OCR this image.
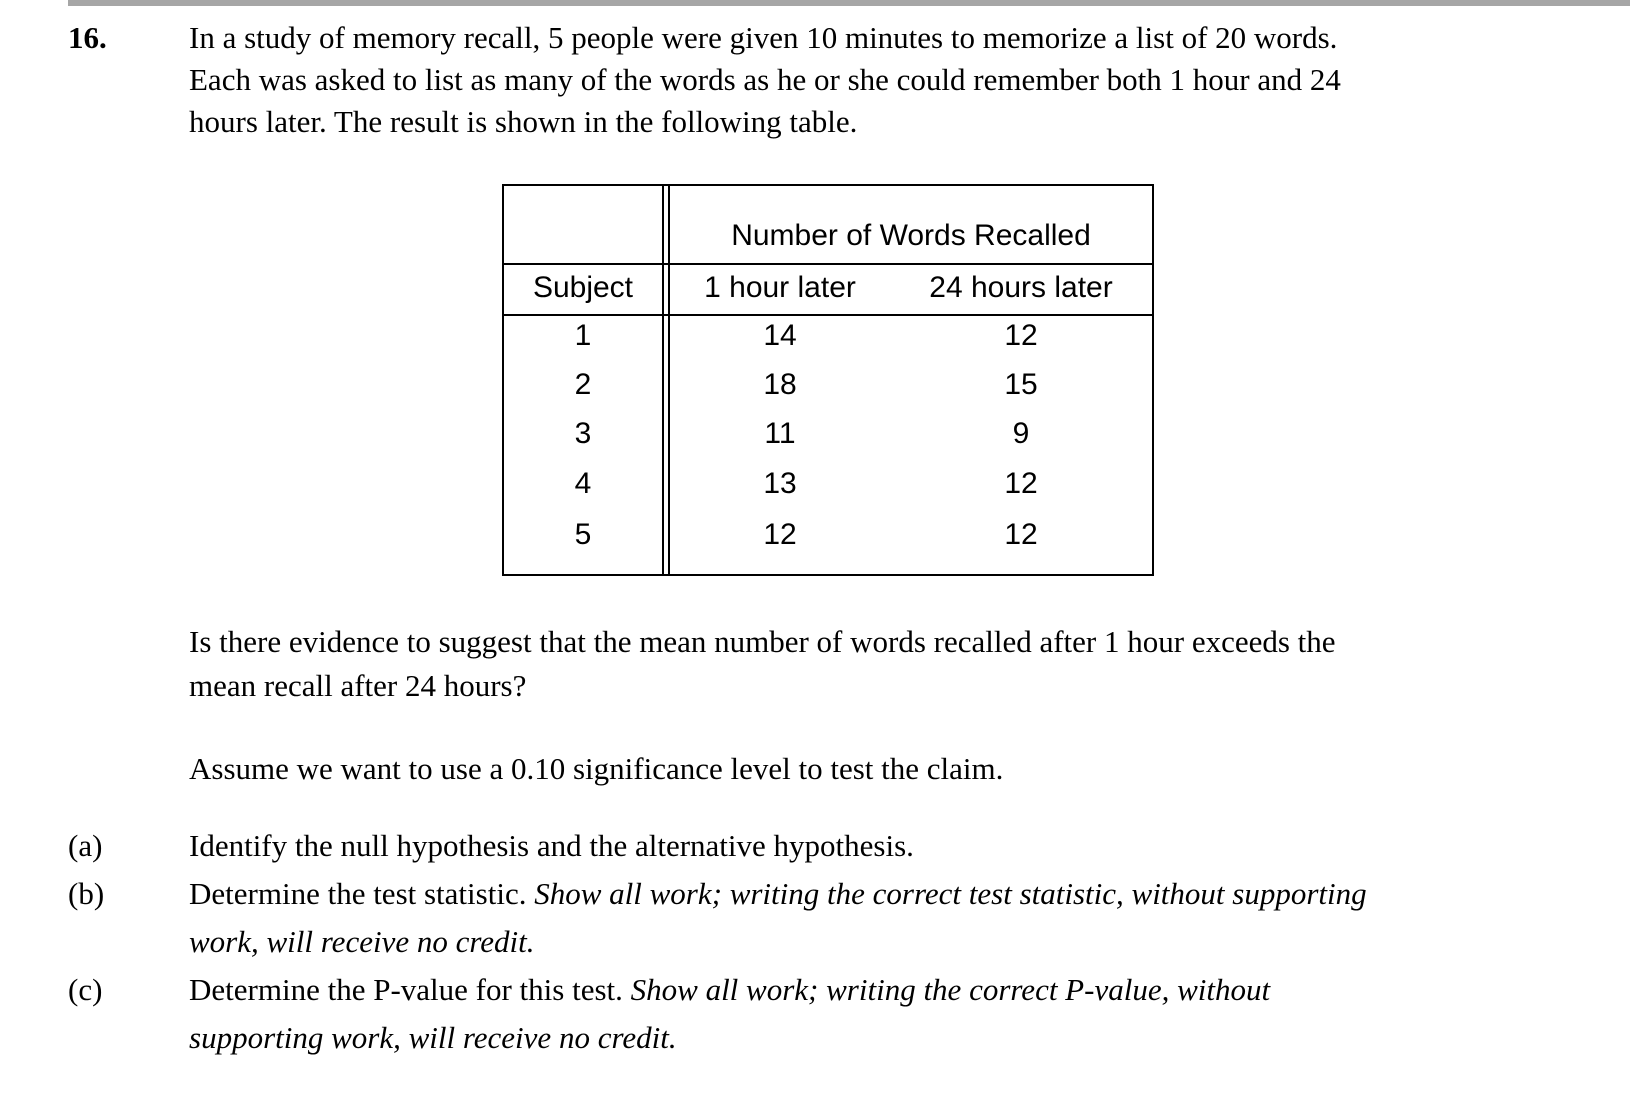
16.	In a study of memory recall, 5 people were given 10 minutes to memorize a list of 20 words.
Each was asked to list as many of the words as he or she could remember both 1 hour and 24
hours later. The result is shown in the following table.
Number of Words Recalled
Subject	1 hour later	24 hours later
1	14	12
2	18	15
3	11	9
4	13	12
5	12	12
Is there evidence to suggest that the mean number of words recalled after 1 hour exceeds the
mean recall after 24 hours?
Assume we want to use a 0.10 significance level to test the claim.
(a)	Identify the null hypothesis and the alternative hypothesis.
(b)	Determine the test statistic. Show all work; writing the correct test statistic, without supporting
work, will receive no credit.
(c)	Determine the P-value for this test. Show all work; writing the correct P-value, without
supporting work, will receive no credit.
